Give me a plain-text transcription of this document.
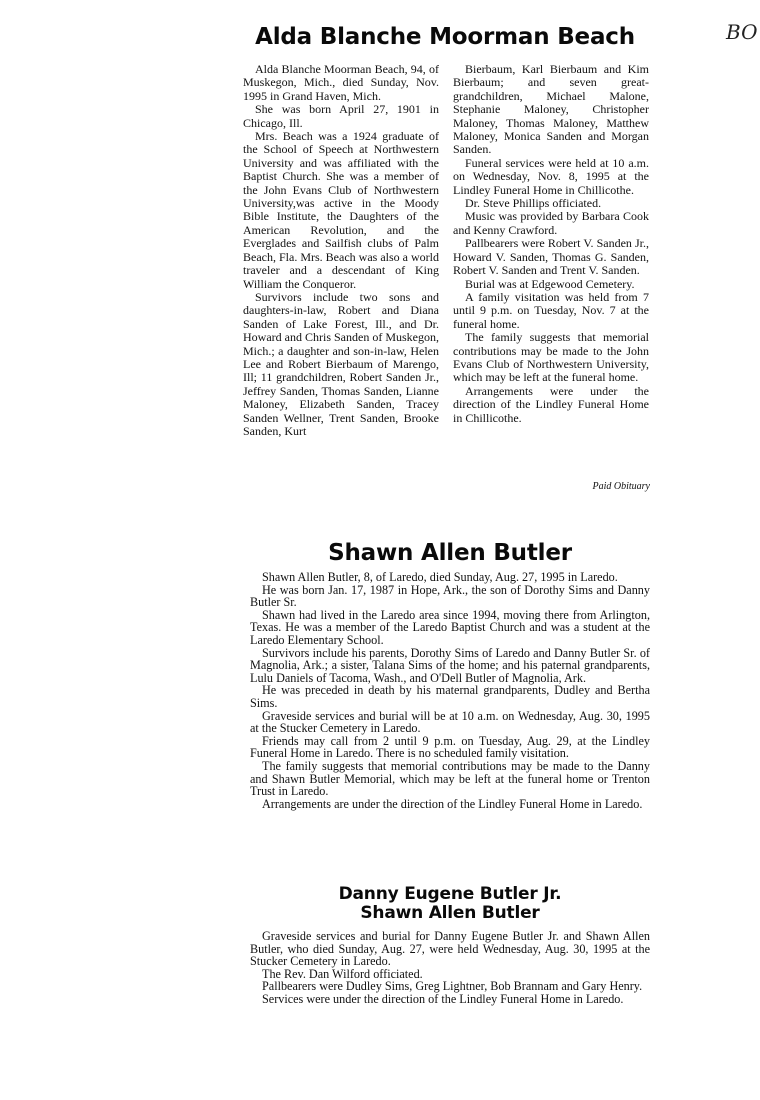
BO
Alda Blanche Moorman Beach

Alda Blanche Moorman Beach, 94, of Muskegon, Mich., died Sunday, Nov. 1995 in Grand Haven, Mich.

She was born April 27, 1901 in Chicago, Ill.

Mrs. Beach was a 1924 graduate of the School of Speech at Northwestern University and was affiliated with the Baptist Church. She was a member of the John Evans Club of Northwestern University,was active in the Moody Bible Institute, the Daughters of the American Revolution, and the Everglades and Sailfish clubs of Palm Beach, Fla. Mrs. Beach was also a world traveler and a descendant of King William the Conqueror.

Survivors include two sons and daughters-in-law, Robert and Diana Sanden of Lake Forest, Ill., and Dr. Howard and Chris Sanden of Muskegon, Mich.; a daughter and son-in-law, Helen Lee and Robert Bierbaum of Marengo, Ill; 11 grandchildren, Robert Sanden Jr., Jeffrey Sanden, Thomas Sanden, Lianne Maloney, Elizabeth Sanden, Tracey Sanden Wellner, Trent Sanden, Brooke Sanden, Kurt

Bierbaum, Karl Bierbaum and Kim Bierbaum; and seven great-grandchildren, Michael Malone, Stephanie Maloney, Christopher Maloney, Thomas Maloney, Matthew Maloney, Monica Sanden and Morgan Sanden.

Funeral services were held at 10 a.m. on Wednesday, Nov. 8, 1995 at the Lindley Funeral Home in Chillicothe.

Dr. Steve Phillips officiated.

Music was provided by Barbara Cook and Kenny Crawford.

Pallbearers were Robert V. Sanden Jr., Howard V. Sanden, Thomas G. Sanden, Robert V. Sanden and Trent V. Sanden.

Burial was at Edgewood Cemetery.

A family visitation was held from 7 until 9 p.m. on Tuesday, Nov. 7 at the funeral home.

The family suggests that memorial contributions may be made to the John Evans Club of Northwestern University, which may be left at the funeral home.

Arrangements were under the direction of the Lindley Funeral Home in Chillicothe.

Paid Obituary
Shawn Allen Butler

Shawn Allen Butler, 8, of Laredo, died Sunday, Aug. 27, 1995 in Laredo.

He was born Jan. 17, 1987 in Hope, Ark., the son of Dorothy Sims and Danny Butler Sr.

Shawn had lived in the Laredo area since 1994, moving there from Arlington, Texas. He was a member of the Laredo Baptist Church and was a student at the Laredo Elementary School.

Survivors include his parents, Dorothy Sims of Laredo and Danny Butler Sr. of Magnolia, Ark.; a sister, Talana Sims of the home; and his paternal grandparents, Lulu Daniels of Tacoma, Wash., and O'Dell Butler of Magnolia, Ark.

He was preceded in death by his maternal grandparents, Dudley and Bertha Sims.

Graveside services and burial will be at 10 a.m. on Wednesday, Aug. 30, 1995 at the Stucker Cemetery in Laredo.

Friends may call from 2 until 9 p.m. on Tuesday, Aug. 29, at the Lindley Funeral Home in Laredo. There is no scheduled family visitation.

The family suggests that memorial contributions may be made to the Danny and Shawn Butler Memorial, which may be left at the funeral home or Trenton Trust in Laredo.

Arrangements are under the direction of the Lindley Funeral Home in Laredo.

Danny Eugene Butler Jr.
Shawn Allen Butler

Graveside services and burial for Danny Eugene Butler Jr. and Shawn Allen Butler, who died Sunday, Aug. 27, were held Wednesday, Aug. 30, 1995 at the Stucker Cemetery in Laredo.

The Rev. Dan Wilford officiated.

Pallbearers were Dudley Sims, Greg Lightner, Bob Brannam and Gary Henry.

Services were under the direction of the Lindley Funeral Home in Laredo.
